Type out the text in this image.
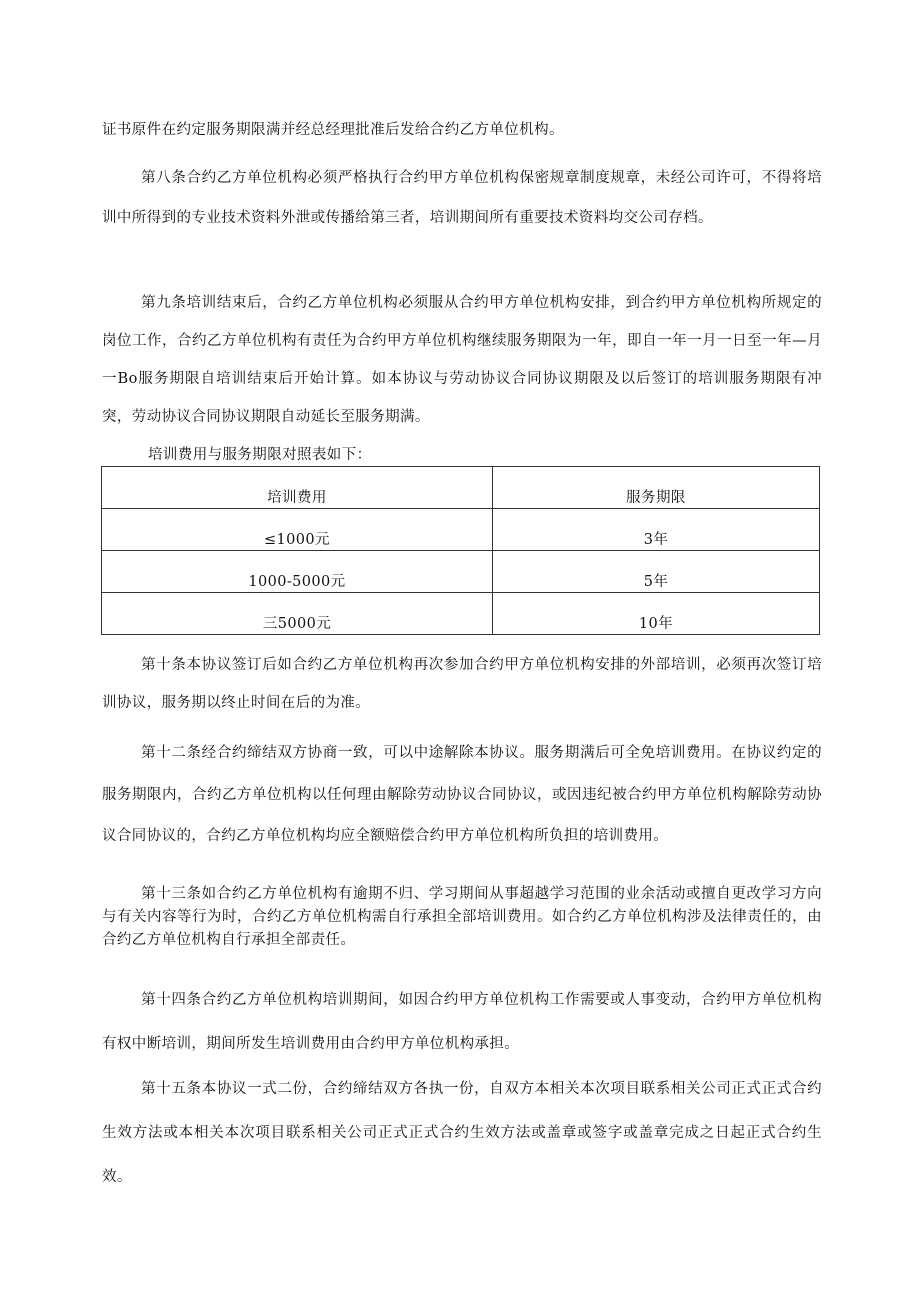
证书原件在约定服务期限满并经总经理批准后发给合约乙方单位机构。

第八条合约乙方单位机构必须严格执行合约甲方单位机构保密规章制度规章，未经公司许可，不得将培训中所得到的专业技术资料外泄或传播给第三者，培训期间所有重要技术资料均交公司存档。

第九条培训结束后，合约乙方单位机构必须服从合约甲方单位机构安排，到合约甲方单位机构所规定的岗位工作，合约乙方单位机构有责任为合约甲方单位机构继续服务期限为一年，即自一年一月一日至一年—月一Bo服务期限自培训结束后开始计算。如本协议与劳动协议合同协议期限及以后签订的培训服务期限有冲突，劳动协议合同协议期限自动延长至服务期满。

培训费用与服务期限对照表如下：

培训费用	服务期限
≤1000元	3年
1000-5000元	5年
三5000元	10年

第十条本协议签订后如合约乙方单位机构再次参加合约甲方单位机构安排的外部培训，必须再次签订培训协议，服务期以终止时间在后的为准。

第十二条经合约缔结双方协商一致，可以中途解除本协议。服务期满后可全免培训费用。在协议约定的服务期限内，合约乙方单位机构以任何理由解除劳动协议合同协议，或因违纪被合约甲方单位机构解除劳动协议合同协议的，合约乙方单位机构均应全额赔偿合约甲方单位机构所负担的培训费用。

第十三条如合约乙方单位机构有逾期不归、学习期间从事超越学习范围的业余活动或擅自更改学习方向与有关内容等行为时，合约乙方单位机构需自行承担全部培训费用。如合约乙方单位机构涉及法律责任的，由合约乙方单位机构自行承担全部责任。

第十四条合约乙方单位机构培训期间，如因合约甲方单位机构工作需要或人事变动，合约甲方单位机构有权中断培训，期间所发生培训费用由合约甲方单位机构承担。

第十五条本协议一式二份，合约缔结双方各执一份，自双方本相关本次项目联系相关公司正式正式合约生效方法或本相关本次项目联系相关公司正式正式合约生效方法或盖章或签字或盖章完成之日起正式合约生效。
